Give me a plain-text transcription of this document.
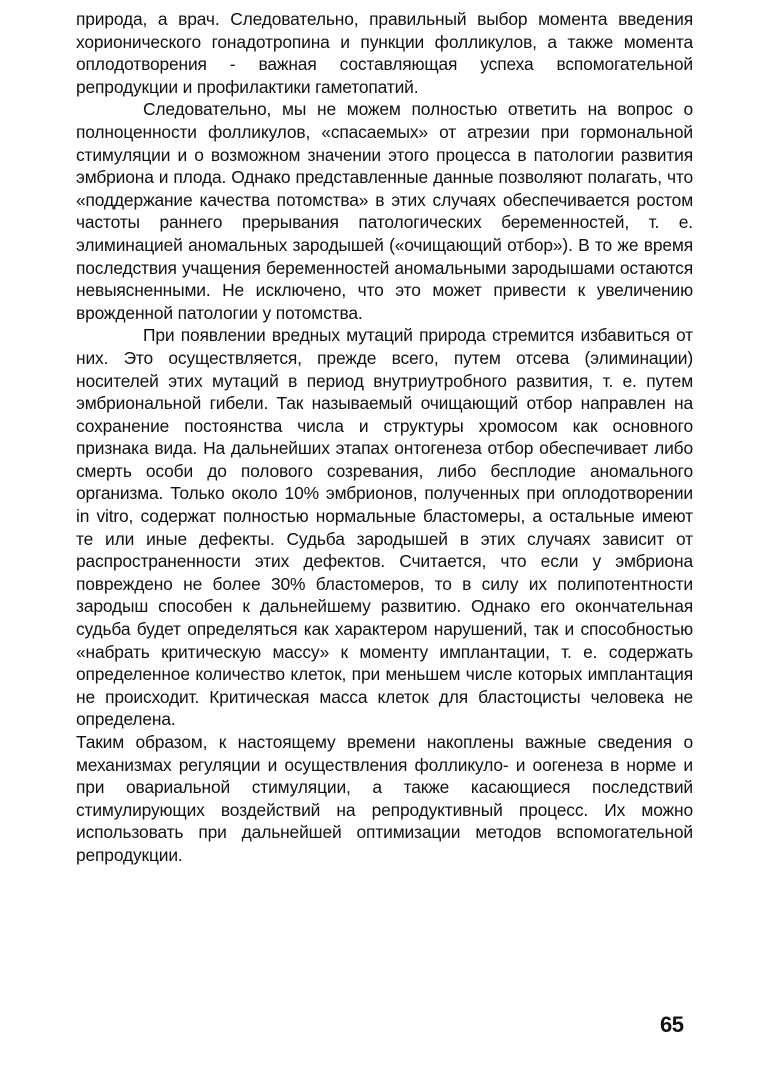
природа, а врач. Следовательно, правильный выбор момента введения хорионического гонадотропина и пункции фолликулов, а также момента оплодотворения - важная составляющая успеха вспомогательной репродукции и профилактики гаметопатий.

Следовательно, мы не можем полностью ответить на вопрос о полноценности фолликулов, «спасаемых» от атрезии при гормональной стимуляции и о возможном значении этого процесса в патологии развития эмбриона и плода. Однако представленные данные позволяют полагать, что «поддержание качества потомства» в этих случаях обеспечивается ростом частоты раннего прерывания патологических беременностей, т. е. элиминацией аномальных зародышей («очищающий отбор»). В то же время последствия учащения беременностей аномальными зародышами остаются невыясненными. Не исключено, что это может привести к увеличению врожденной патологии у потомства.

При появлении вредных мутаций природа стремится избавиться от них. Это осуществляется, прежде всего, путем отсева (элиминации) носителей этих мутаций в период внутриутробного развития, т. е. путем эмбриональной гибели. Так называемый очищающий отбор направлен на сохранение постоянства числа и структуры хромосом как основного признака вида. На дальнейших этапах онтогенеза отбор обеспечивает либо смерть особи до полового созревания, либо бесплодие аномального организма. Только около 10% эмбрионов, полученных при оплодотворении in vitro, содержат полностью нормальные бластомеры, а остальные имеют те или иные дефекты. Судьба зародышей в этих случаях зависит от распространенности этих дефектов. Считается, что если у эмбриона повреждено не более 30% бластомеров, то в силу их полипотентности зародыш способен к дальнейшему развитию. Однако его окончательная судьба будет определяться как характером нарушений, так и способностью «набрать критическую массу» к моменту имплантации, т. е. содержать определенное количество клеток, при меньшем числе которых имплантация не происходит. Критическая масса клеток для бластоцисты человека не определена.

Таким образом, к настоящему времени накоплены важные сведения о механизмах регуляции и осуществления фолликуло- и оогенеза в норме и при овариальной стимуляции, а также касающиеся последствий стимулирующих воздействий на репродуктивный процесс. Их можно использовать при дальнейшей оптимизации методов вспомогательной репродукции.

65
